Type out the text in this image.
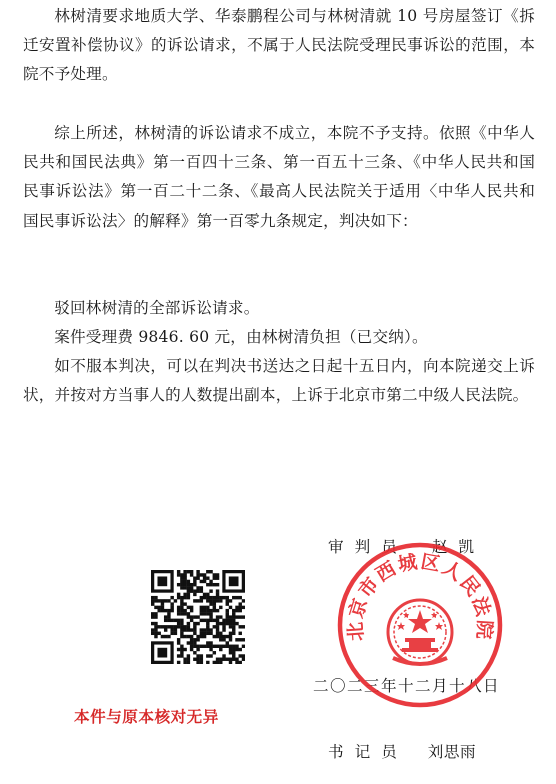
林树清要求地质大学、华泰鹏程公司与林树清就 10 号房屋签订《拆迁安置补偿协议》的诉讼请求，不属于人民法院受理民事诉讼的范围，本院不予处理。

综上所述，林树清的诉讼请求不成立，本院不予支持。依照《中华人民共和国民法典》第一百四十三条、第一百五十三条、《中华人民共和国民事诉讼法》第一百二十二条、《最高人民法院关于适用〈中华人民共和国民事诉讼法〉的解释》第一百零九条规定，判决如下：

驳回林树清的全部诉讼请求。

案件受理费 9846. 60 元，由林树清负担（已交纳）。

如不服本判决，可以在判决书送达之日起十五日内，向本院递交上诉状，并按对方当事人的人数提出副本，上诉于北京市第二中级人民法院。

审判员 赵凯
二〇二三年十二月十八日
书记员 刘思雨
北京市西城区人民法院
本件与原本核对无异
